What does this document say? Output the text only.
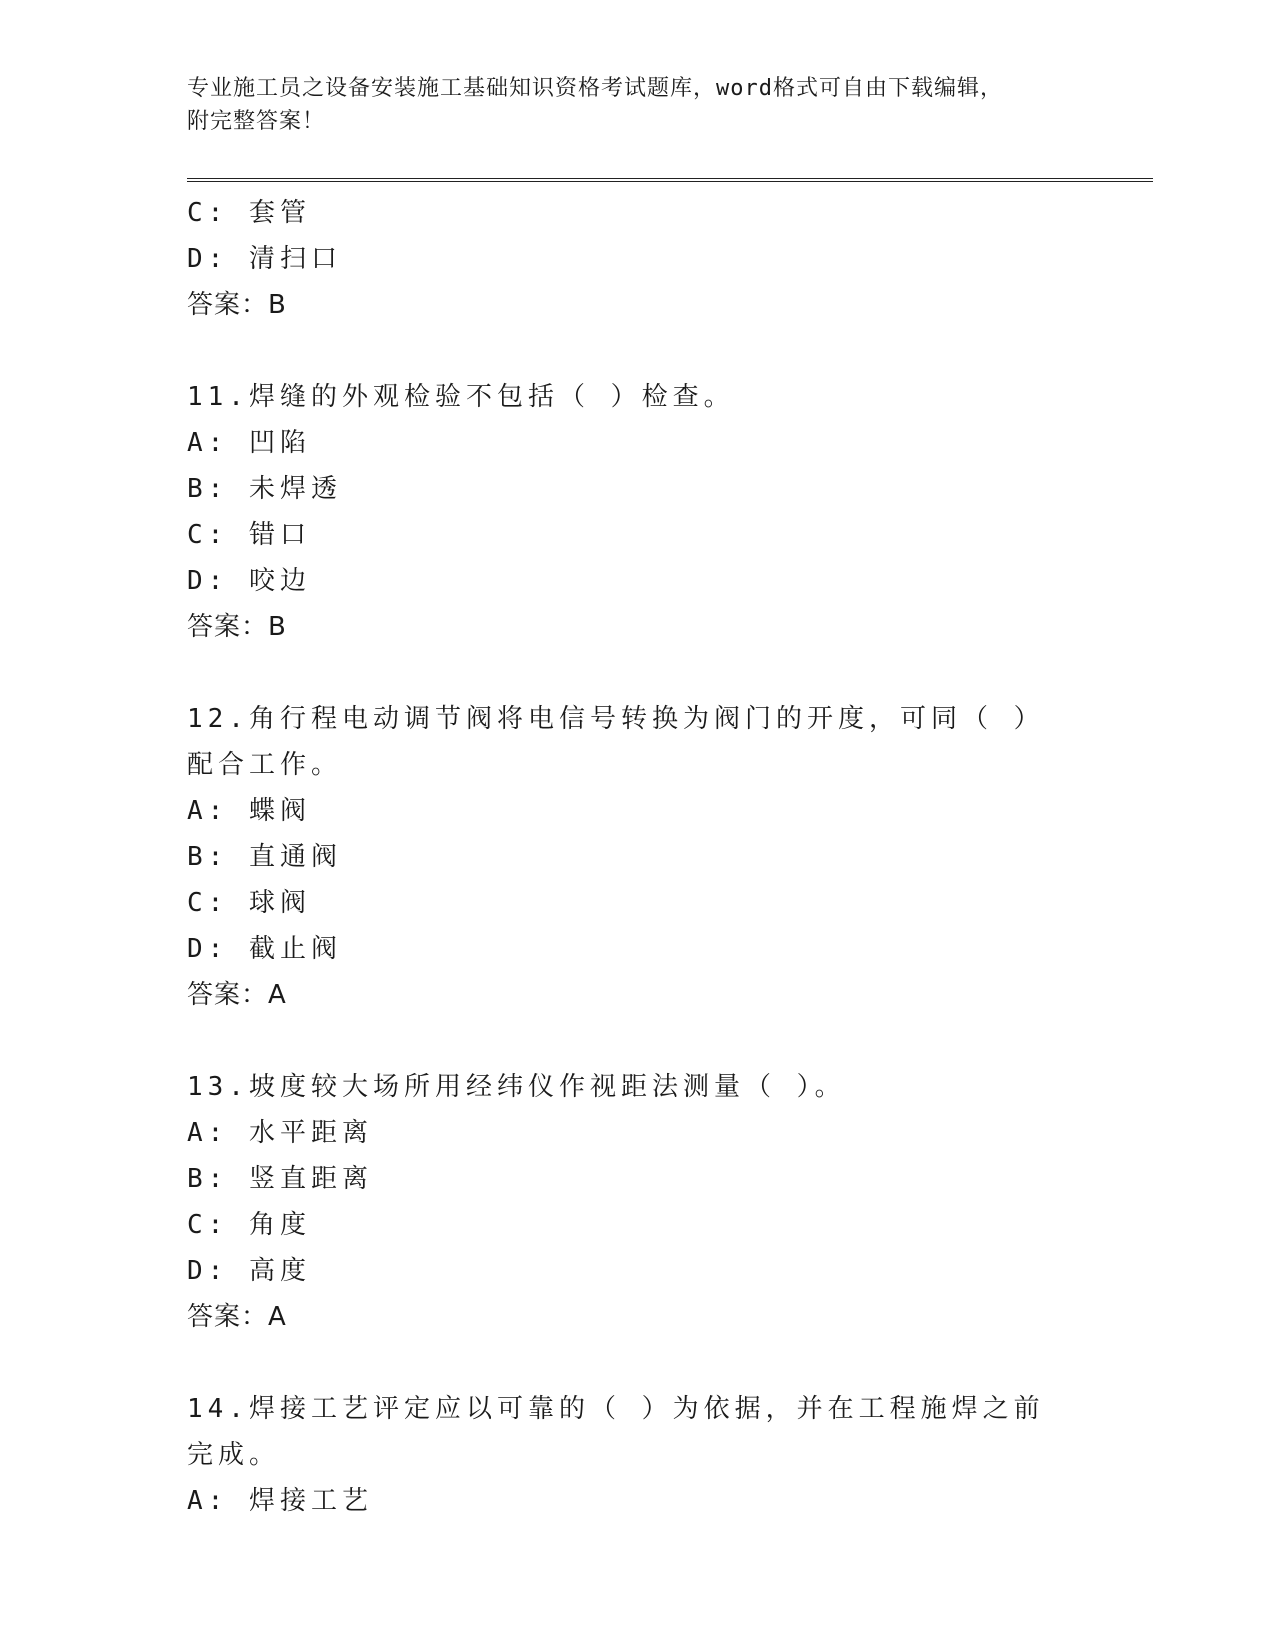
专业施工员之设备安装施工基础知识资格考试题库，word格式可自由下载编辑，
附完整答案！
C: 套管
D: 清扫口
答案：B
11.焊缝的外观检验不包括（ ）检查。
A: 凹陷
B: 未焊透
C: 错口
D: 咬边
答案：B
12.角行程电动调节阀将电信号转换为阀门的开度，可同（ ）配合工作。
A: 蝶阀
B: 直通阀
C: 球阀
D: 截止阀
答案：A
13.坡度较大场所用经纬仪作视距法测量（ ）。
A: 水平距离
B: 竖直距离
C: 角度
D: 高度
答案：A
14.焊接工艺评定应以可靠的（ ）为依据，并在工程施焊之前完成。
A: 焊接工艺
